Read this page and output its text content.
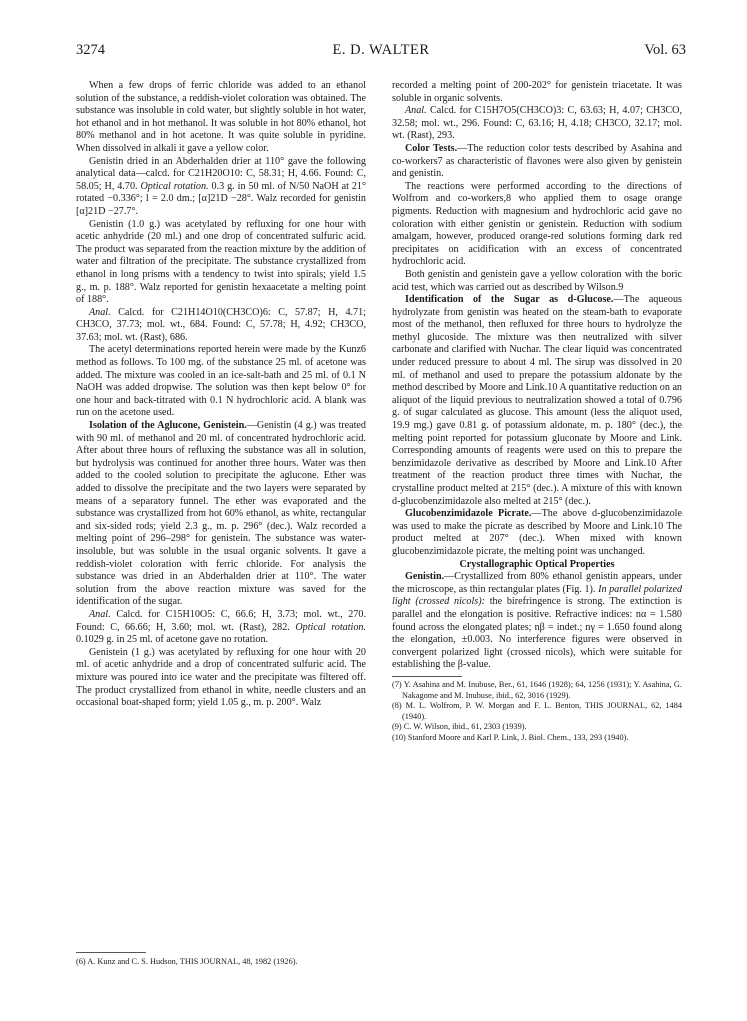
3274	E. D. WALTER	Vol. 63

When a few drops of ferric chloride was added to an ethanol solution of the substance, a reddish-violet coloration was obtained. The substance was insoluble in cold water, but slightly soluble in hot water, hot ethanol and in hot methanol. It was soluble in hot 80% ethanol, hot 80% methanol and in hot acetone. It was quite soluble in pyridine. When dissolved in alkali it gave a yellow color.

Genistin dried in an Abderhalden drier at 110° gave the following analytical data—calcd. for C21H20O10: C, 58.31; H, 4.66. Found: C, 58.05; H, 4.70. Optical rotation. 0.3 g. in 50 ml. of N/50 NaOH at 21° rotated −0.336°; l = 2.0 dm.; [α]21D −28°. Walz recorded for genistin [α]21D −27.7°.

Genistin (1.0 g.) was acetylated by refluxing for one hour with acetic anhydride (20 ml.) and one drop of concentrated sulfuric acid. The product was separated from the reaction mixture by the addition of water and filtration of the precipitate. The substance crystallized from ethanol in long prisms with a tendency to twist into spirals; yield 1.5 g., m. p. 188°. Walz reported for genistin hexaacetate a melting point of 188°.

Anal. Calcd. for C21H14O10(CH3CO)6: C, 57.87; H, 4.71; CH3CO, 37.73; mol. wt., 684. Found: C, 57.78; H, 4.92; CH3CO, 37.63; mol. wt. (Rast), 686.

The acetyl determinations reported herein were made by the Kunz6 method as follows. To 100 mg. of the substance 25 ml. of acetone was added. The mixture was cooled in an ice-salt-bath and 25 ml. of 0.1 N NaOH was added dropwise. The solution was then kept below 0° for one hour and back-titrated with 0.1 N hydrochloric acid. A blank was run on the acetone used.

Isolation of the Aglucone, Genistein.—Genistin (4 g.) was treated with 90 ml. of methanol and 20 ml. of concentrated hydrochloric acid. After about three hours of refluxing the substance was all in solution, but hydrolysis was continued for another three hours. Water was then added to the cooled solution to precipitate the aglucone. Ether was added to dissolve the precipitate and the two layers were separated by means of a separatory funnel. The ether was evaporated and the substance was crystallized from hot 60% ethanol, as white, rectangular and six-sided rods; yield 2.3 g., m. p. 296° (dec.). Walz recorded a melting point of 296–298° for genistein. The substance was water-insoluble, but was soluble in the usual organic solvents. It gave a reddish-violet coloration with ferric chloride. For analysis the substance was dried in an Abderhalden drier at 110°. The water solution from the above reaction mixture was saved for the identification of the sugar.

Anal. Calcd. for C15H10O5: C, 66.6; H, 3.73; mol. wt., 270. Found: C, 66.66; H, 3.60; mol. wt. (Rast), 282. Optical rotation. 0.1029 g. in 25 ml. of acetone gave no rotation.

Genistein (1 g.) was acetylated by refluxing for one hour with 20 ml. of acetic anhydride and a drop of concentrated sulfuric acid. The mixture was poured into ice water and the precipitate was filtered off. The product crystallized from ethanol in white, needle clusters and an occasional boat-shaped form; yield 1.05 g., m. p. 200°. Walz

(6) A. Kunz and C. S. Hudson, THIS JOURNAL, 48, 1982 (1926).

recorded a melting point of 200-202° for genistein triacetate. It was soluble in organic solvents.

Anal. Calcd. for C15H7O5(CH3CO)3: C, 63.63; H, 4.07; CH3CO, 32.58; mol. wt., 296. Found: C, 63.16; H, 4.18; CH3CO, 32.17; mol. wt. (Rast), 293.

Color Tests.—The reduction color tests described by Asahina and co-workers7 as characteristic of flavones were also given by genistein and genistin.

The reactions were performed according to the directions of Wolfrom and co-workers,8 who applied them to osage orange pigments. Reduction with magnesium and hydrochloric acid gave no coloration with either genistin or genistein. Reduction with sodium amalgam, however, produced orange-red solutions forming dark red precipitates on acidification with an excess of concentrated hydrochloric acid.

Both genistin and genistein gave a yellow coloration with the boric acid test, which was carried out as described by Wilson.9

Identification of the Sugar as d-Glucose.—The aqueous hydrolyzate from genistin was heated on the steam-bath to evaporate most of the methanol, then refluxed for three hours to hydrolyze the methyl glucoside. The mixture was then neutralized with silver carbonate and clarified with Nuchar. The clear liquid was concentrated under reduced pressure to about 4 ml. The sirup was dissolved in 20 ml. of methanol and used to prepare the potassium aldonate by the method described by Moore and Link.10 A quantitative reduction on an aliquot of the liquid previous to neutralization showed a total of 0.796 g. of sugar calculated as glucose. This amount (less the aliquot used, 19.9 mg.) gave 0.81 g. of potassium aldonate, m. p. 180° (dec.), the melting point reported for potassium gluconate by Moore and Link. Corresponding amounts of reagents were used on this to prepare the benzimidazole derivative as described by Moore and Link.10 After treatment of the reaction product three times with Nuchar, the crystalline product melted at 215° (dec.). A mixture of this with known d-glucobenzimidazole also melted at 215° (dec.).

Glucobenzimidazole Picrate.—The above d-glucobenzimidazole was used to make the picrate as described by Moore and Link.10 The product melted at 207° (dec.). When mixed with known glucobenzimidazole picrate, the melting point was unchanged.

Crystallographic Optical Properties

Genistin.—Crystallized from 80% ethanol genistin appears, under the microscope, as thin rectangular plates (Fig. 1). In parallel polarized light (crossed nicols): the birefringence is strong. The extinction is parallel and the elongation is positive. Refractive indices: nα = 1.580 found across the elongated plates; nβ = indet.; nγ = 1.650 found along the elongation, ±0.003. No interference figures were observed in convergent polarized light (crossed nicols), which were suitable for establishing the β-value.

(7) Y. Asahina and M. Inubuse, Ber., 61, 1646 (1928); 64, 1256 (1931); Y. Asahina, G. Nakagome and M. Inubuse, ibid., 62, 3016 (1929).

(8) M. L. Wolfrom, P. W. Morgan and F. L. Benton, THIS JOURNAL, 62, 1484 (1940).

(9) C. W. Wilson, ibid., 61, 2303 (1939).

(10) Stanford Moore and Karl P. Link, J. Biol. Chem., 133, 293 (1940).
